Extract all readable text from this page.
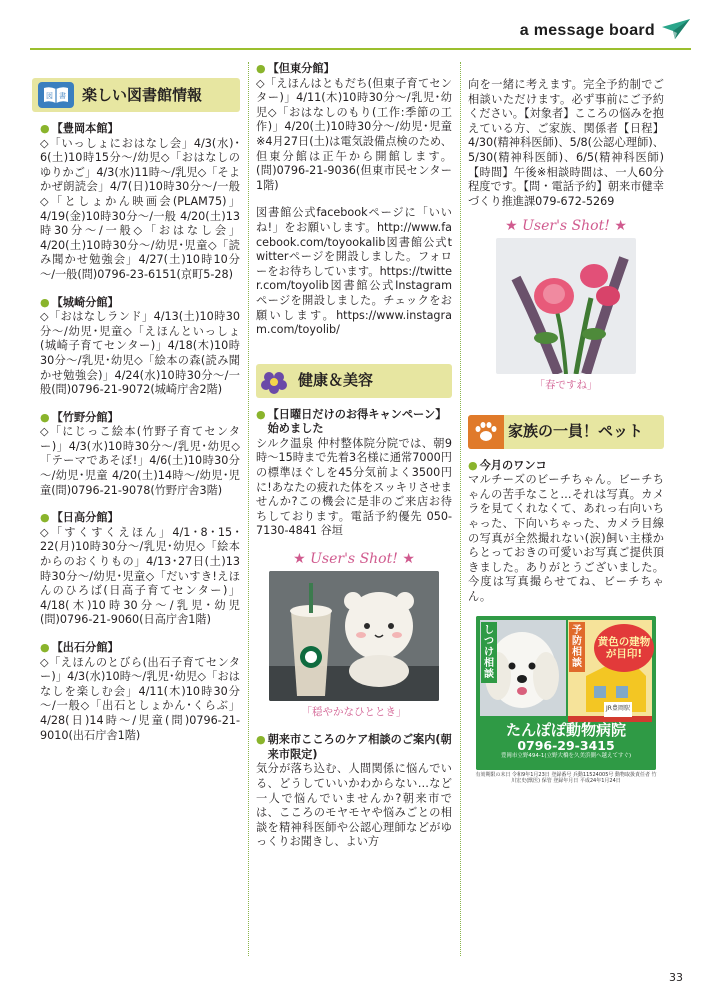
a message board
図 書 楽しい図書館情報
● 【豊岡本館】
◇「いっしょにおはなし会」4/3(水)･6(土)10時15分～/幼児◇「おはなしのゆりかご」4/3(水)11時～/乳児◇「そよかぜ朗読会」4/7(日)10時30分～/一般◇「としょかん映画会(PLAM75)」4/19(金)10時30分～/一般 4/20(土)13時30分～/一般◇「おはなし会」4/20(土)10時30分～/幼児･児童◇「読み聞かせ勉強会」4/27(土)10時10分～/一般(問)0796-23-6151(京町5-28)
● 【城崎分館】
◇「おはなしランド」4/13(土)10時30分～/幼児･児童◇「えほんといっしょ(城崎子育てセンター)」4/18(木)10時30分～/乳児･幼児◇「絵本の森(読み聞かせ勉強会)」4/24(水)10時30分～/一般(問)0796-21-9072(城崎庁舎2階)
● 【竹野分館】
◇「にじっこ絵本(竹野子育てセンター)」4/3(水)10時30分～/乳児･幼児◇「テーマであそぼ!」4/6(土)10時30分～/幼児･児童 4/20(土)14時～/幼児･児童(問)0796-21-9078(竹野庁舎3階)
● 【日高分館】
◇「すくすくえほん」4/1･8･15･22(月)10時30分～/乳児･幼児◇「絵本からのおくりもの」4/13･27日(土)13時30分～/幼児･児童◇「だいすき!えほんのひろば(日高子育てセンター)」4/18(木)10時30分～/乳児･幼児(問)0796-21-9060(日高庁舎1階)
● 【出石分館】
◇「えほんのとびら(出石子育てセンター)」4/3(水)10時～/乳児･幼児◇「おはなしを楽しむ会」4/11(木)10時30分～/一般◇「出石としょかん･くらぶ」4/28(日)14時～/児童(問)0796-21-9010(出石庁舎1階)
● 【但東分館】
◇「えほんはともだち(但東子育てセンター)」4/11(木)10時30分～/乳児･幼児◇「おはなしのもり(工作:季節の工作)」4/20(土)10時30分～/幼児･児童※4月27日(土)は電気設備点検のため、但東分館は正午から開館します。(問)0796-21-9036(但東市民センター1階)
図書館公式facebookページに「いいね!」をお願いします。http://www.facebook.com/toyookalib図書館公式twitterページを開設しました。フォローをお待ちしています。https://twitter.com/toyolib図書館公式Instagramページを開設しました。チェックをお願いします。https://www.instagram.com/toyolib/
健康＆美容
● 【日曜日だけのお得キャンペーン】始めました
シルク温泉 仲村整体院分院では、朝9時～15時まで先着3名様に通常7000円の標準ほぐしを45分気前よく3500円に!あなたの疲れた体をスッキリさせませんか?この機会に是非のご来店お待ちしております。電話予約優先 050-7130-4841 谷垣
★ User's Shot! ★
「穏やかなひととき」
● 朝来市こころのケア相談のご案内(朝来市限定)
気分が落ち込む、人間関係に悩んでいる、どうしていいかわからない…など一人で悩んでいませんか?朝来市では、こころのモヤモヤや悩みごとの相談を精神科医師や公認心理師などがゆっくりお聞きし、よい方
向を一緒に考えます。完全予約制でご相談いただけます。必ず事前にご予約ください。【対象者】こころの悩みを抱えている方、ご家族、関係者【日程】4/30(精神科医師)、5/8(公認心理師)、5/30(精神科医師)、6/5(精神科医師)【時間】午後※相談時間は、一人60分程度です。【問・電話予約】朝来市健幸づくり推進課079-672-5269
★ User's Shot! ★
「春ですね」
家族の一員！ペット
● 今月のワンコ
マルチーズのビーチちゃん。ビーチちゃんの苦手なこと…それは写真。カメラを見てくれなくて、あれっ右向いちゃった、下向いちゃった、カメラ目線の写真が全然撮れない(涙)飼い主様からとっておきの可愛いお写真ご提供頂きました。ありがとうございました。今度は写真撮らせてね、ビーチちゃん。
しつけ相談
予防相談
黄色の建物が目印!
JR豊岡駅
たんぽぽ動物病院
0796-29-3415
豊岡市立野494-1(立野大橋を久美浜側へ越えてすぐ)
有効期限の末日 令和9年1月23日 登録番号 兵動11524005号 動物取扱責任者 竹川宏史(獣医) 保管 登録年月日 平成24年1月24日
33
